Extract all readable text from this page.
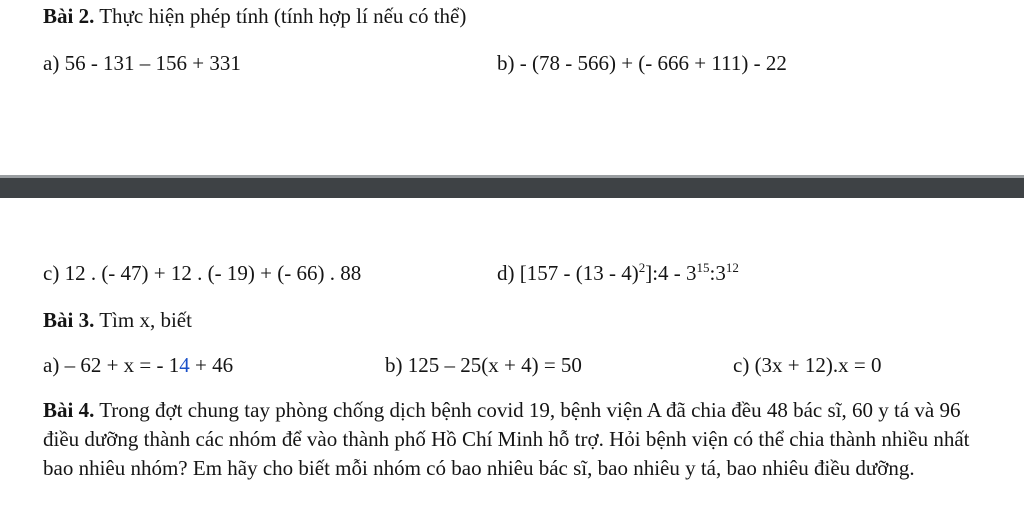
Bài 2. Thực hiện phép tính (tính hợp lí nếu có thể)
a) 56 - 131 – 156 + 331	b) - (78 - 566) + (- 666 + 111) - 22
c) 12 . (- 47) + 12 . (- 19) + (- 66) . 88	d) [157 - (13 - 4)$^2$]:4 - $3^{15}:3^{12}$
Bài 3. Tìm x, biết
a) – 62 + x = - 14 + 46	b) 125 – 25(x + 4) = 50	c) (3x + 12).x = 0
Bài 4. Trong đợt chung tay phòng chống dịch bệnh covid 19, bệnh viện A đã chia đều 48 bác sĩ, 60 y tá và 96 điều dưỡng thành các nhóm để vào thành phố Hồ Chí Minh hỗ trợ. Hỏi bệnh viện có thể chia thành nhiều nhất bao nhiêu nhóm? Em hãy cho biết mỗi nhóm có bao nhiêu bác sĩ, bao nhiêu y tá, bao nhiêu điều dưỡng.
